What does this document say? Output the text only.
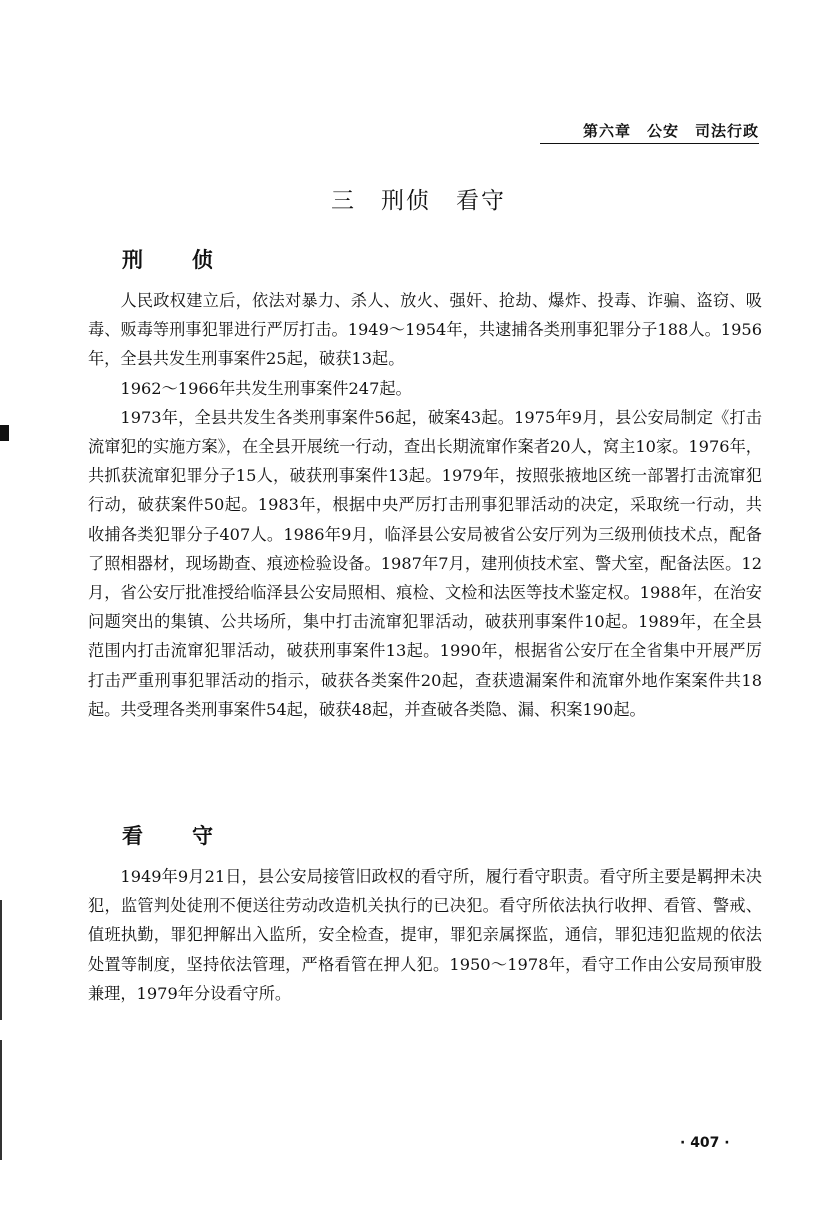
第六章　公安　司法行政
三　刑侦　看守
刑　侦

人民政权建立后，依法对暴力、杀人、放火、强奸、抢劫、爆炸、投毒、诈骗、盗窃、吸毒、贩毒等刑事犯罪进行严厉打击。1949～1954年，共逮捕各类刑事犯罪分子188人。1956年，全县共发生刑事案件25起，破获13起。

1962～1966年共发生刑事案件247起。

1973年，全县共发生各类刑事案件56起，破案43起。1975年9月，县公安局制定《打击流窜犯的实施方案》，在全县开展统一行动，查出长期流窜作案者20人，窝主10家。1976年，共抓获流窜犯罪分子15人，破获刑事案件13起。1979年，按照张掖地区统一部署打击流窜犯行动，破获案件50起。1983年，根据中央严厉打击刑事犯罪活动的决定，采取统一行动，共收捕各类犯罪分子407人。1986年9月，临泽县公安局被省公安厅列为三级刑侦技术点，配备了照相器材，现场勘查、痕迹检验设备。1987年7月，建刑侦技术室、警犬室，配备法医。12月，省公安厅批准授给临泽县公安局照相、痕检、文检和法医等技术鉴定权。1988年，在治安问题突出的集镇、公共场所，集中打击流窜犯罪活动，破获刑事案件10起。1989年，在全县范围内打击流窜犯罪活动，破获刑事案件13起。1990年，根据省公安厅在全省集中开展严厉打击严重刑事犯罪活动的指示，破获各类案件20起，查获遗漏案件和流窜外地作案案件共18起。共受理各类刑事案件54起，破获48起，并查破各类隐、漏、积案190起。

看　守

1949年9月21日，县公安局接管旧政权的看守所，履行看守职责。看守所主要是羁押未决犯，监管判处徒刑不便送往劳动改造机关执行的已决犯。看守所依法执行收押、看管、警戒、值班执勤，罪犯押解出入监所，安全检查，提审，罪犯亲属探监，通信，罪犯违犯监规的依法处置等制度，坚持依法管理，严格看管在押人犯。1950～1978年，看守工作由公安局预审股兼理，1979年分设看守所。

· 407 ·
